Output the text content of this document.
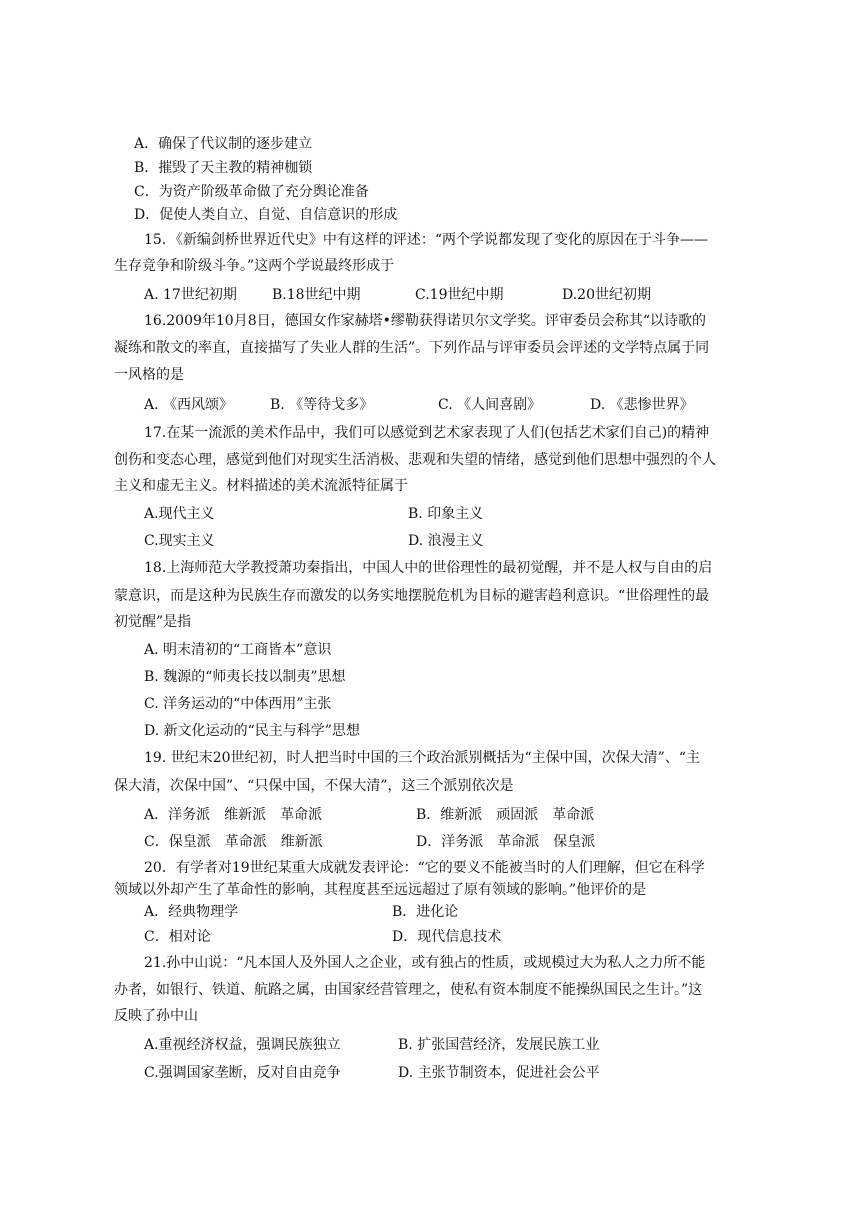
A．确保了代议制的逐步建立
B．摧毁了天主教的精神枷锁
C．为资产阶级革命做了充分舆论准备
D．促使人类自立、自觉、自信意识的形成
15．《新编剑桥世界近代史》中有这样的评述：“两个学说都发现了变化的原因在于斗争——
生存竞争和阶级斗争。”这两个学说最终形成于
A. 17世纪初期	B.18世纪中期	C.19世纪中期	D.20世纪初期
16.2009年10月8日，德国女作家赫塔•缪勒获得诺贝尔文学奖。评审委员会称其“以诗歌的
凝练和散文的率直，直接描写了失业人群的生活”。下列作品与评审委员会评述的文学特点属于同
一风格的是
A. 《西风颂》	B. 《等待戈多》	C. 《人间喜剧》	D. 《悲惨世界》
17.在某一流派的美术作品中，我们可以感觉到艺术家表现了人们(包括艺术家们自己)的精神
创伤和变态心理，感觉到他们对现实生活消极、悲观和失望的情绪，感觉到他们思想中强烈的个人
主义和虚无主义。材料描述的美术流派特征属于
A.现代主义	B. 印象主义
C.现实主义	D. 浪漫主义
18.上海师范大学教授萧功秦指出，中国人中的世俗理性的最初觉醒，并不是人权与自由的启
蒙意识，而是这种为民族生存而激发的以务实地摆脱危机为目标的避害趋利意识。“世俗理性的最
初觉醒”是指
A. 明末清初的“工商皆本”意识
B. 魏源的“师夷长技以制夷”思想
C. 洋务运动的“中体西用”主张
D. 新文化运动的“民主与科学”思想
19. 世纪末20世纪初，时人把当时中国的三个政治派别概括为“主保中国，次保大清”、“主
保大清，次保中国”、“只保中国，不保大清”，这三个派别依次是
A．洋务派　维新派　革命派	B．维新派　顽固派　革命派
C．保皇派　革命派　维新派	D．洋务派　革命派　保皇派
20．有学者对19世纪某重大成就发表评论：“它的要义不能被当时的人们理解，但它在科学
领域以外却产生了革命性的影响，其程度甚至远远超过了原有领域的影响。”他评价的是
A．经典物理学	B．进化论
C．相对论	D．现代信息技术
21.孙中山说：“凡本国人及外国人之企业，或有独占的性质，或规模过大为私人之力所不能
办者，如银行、铁道、航路之属，由国家经营管理之，使私有资本制度不能操纵国民之生计。”这
反映了孙中山
A.重视经济权益，强调民族独立	B. 扩张国营经济，发展民族工业
C.强调国家垄断，反对自由竞争	D. 主张节制资本，促进社会公平
